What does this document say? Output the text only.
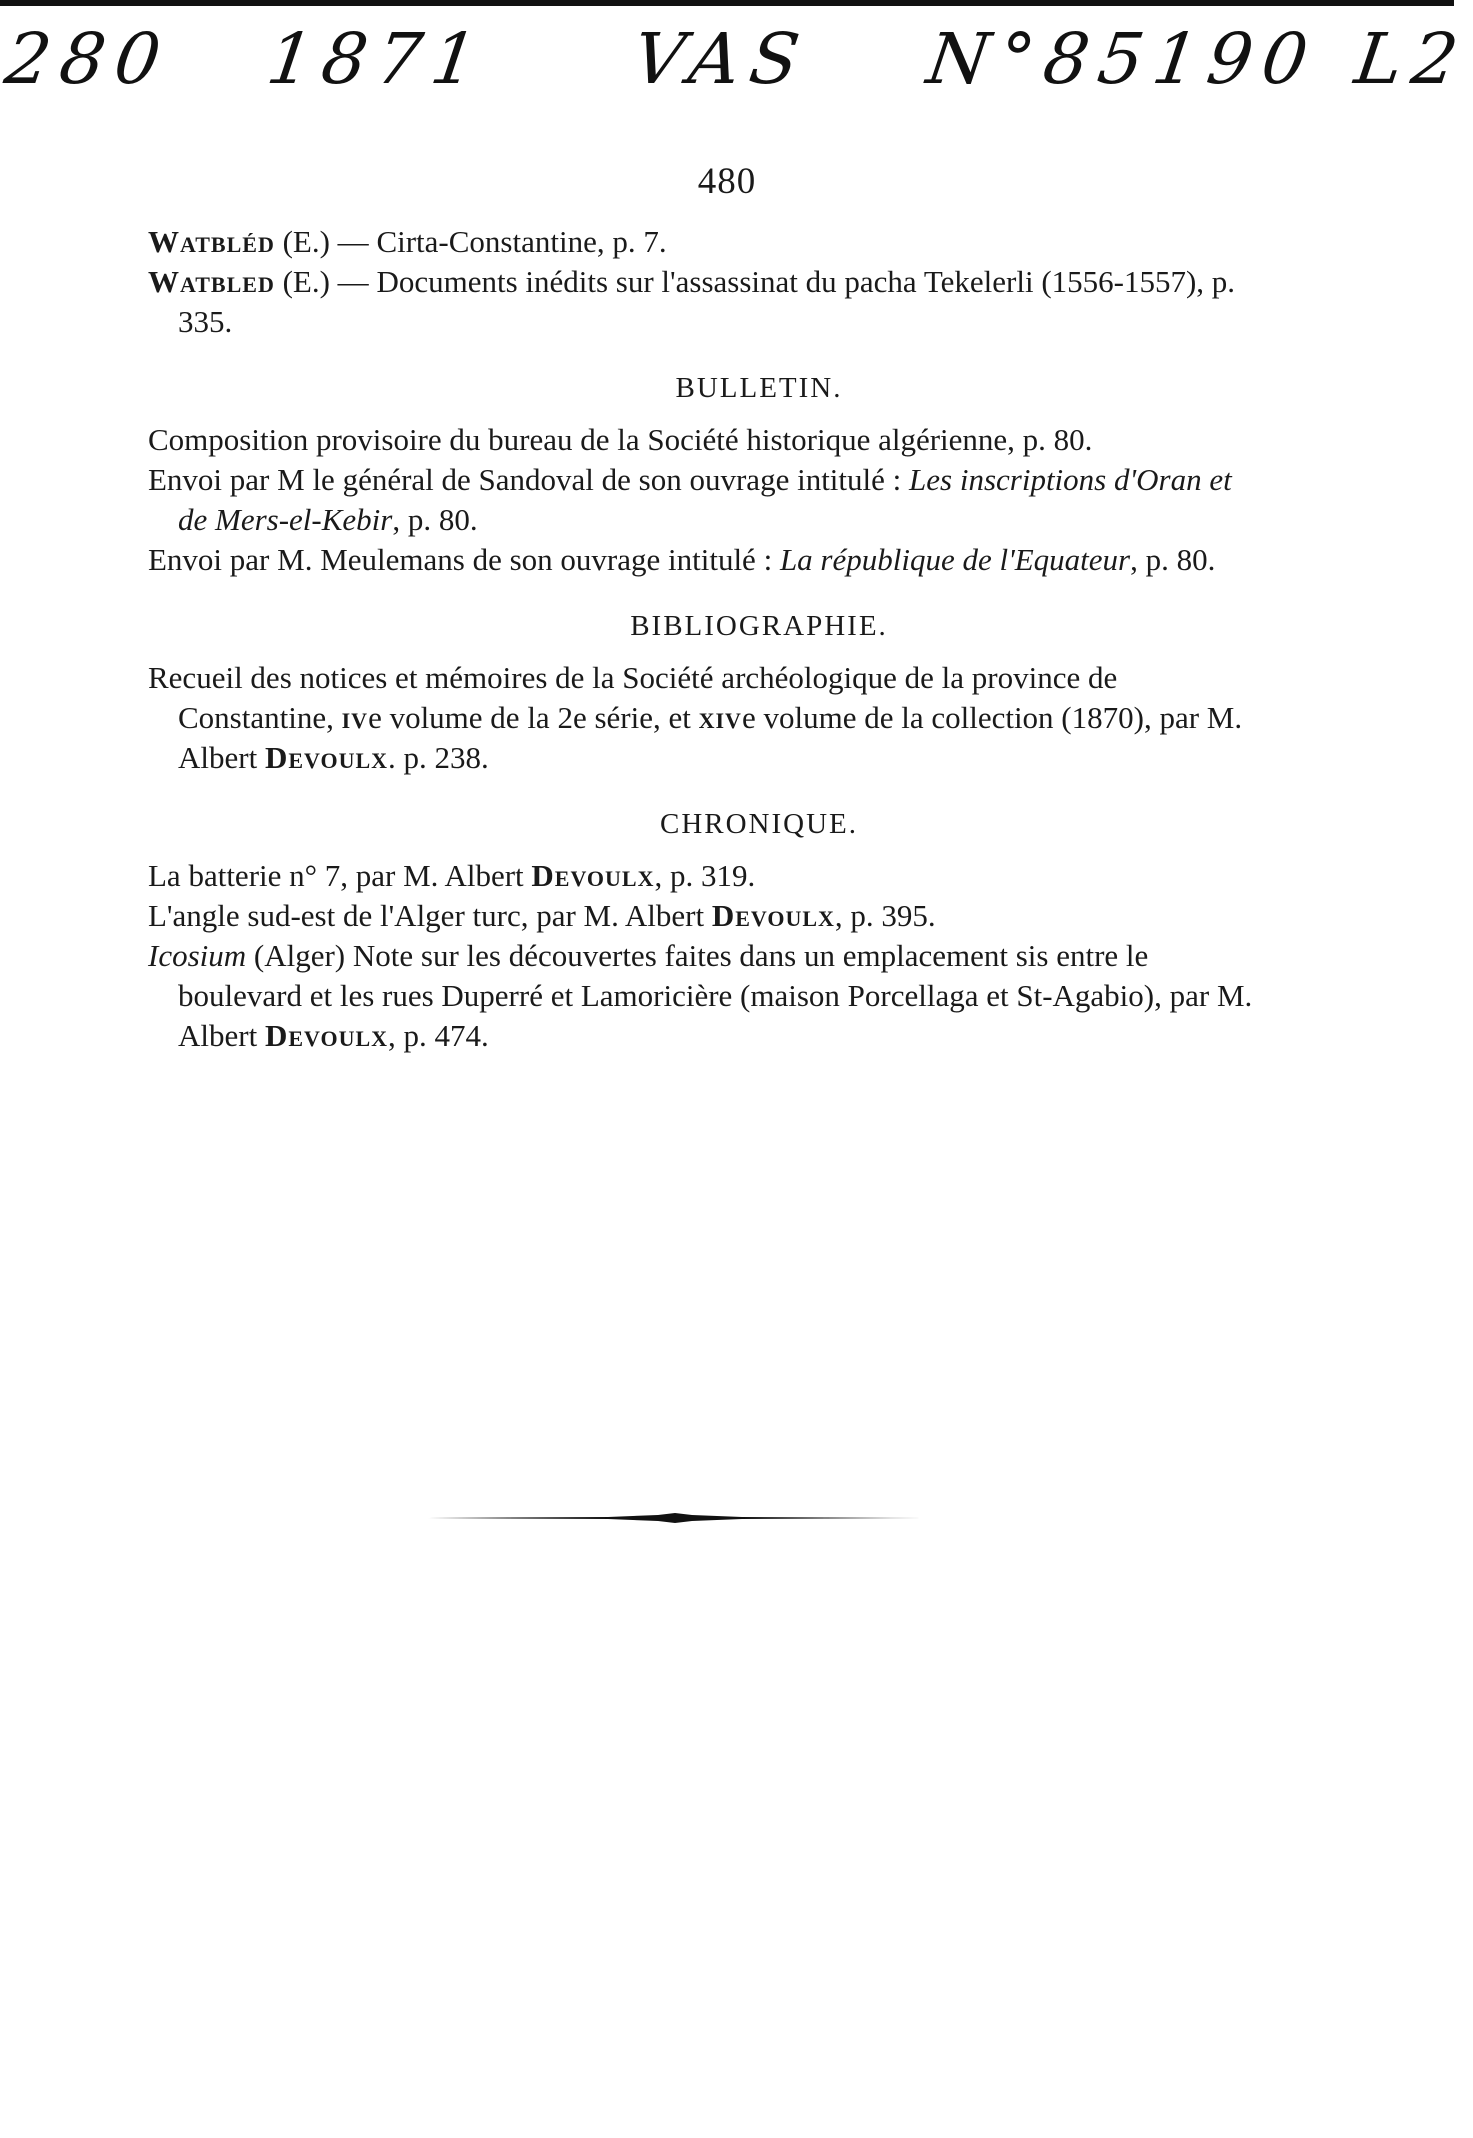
280 1871 VAS N°85190 L2
480

Watbléd (E.) — Cirta-Constantine, p. 7.

Watbled (E.) — Documents inédits sur l'assassinat du pacha Tekelerli (1556-1557), p. 335.

BULLETIN.

Composition provisoire du bureau de la Société historique algérienne, p. 80.

Envoi par M le général de Sandoval de son ouvrage intitulé : Les inscriptions d'Oran et de Mers-el-Kebir, p. 80.

Envoi par M. Meulemans de son ouvrage intitulé : La république de l'Equateur, p. 80.

BIBLIOGRAPHIE.

Recueil des notices et mémoires de la Société archéologique de la province de Constantine, ive volume de la 2e série, et xive volume de la collection (1870), par M. Albert Devoulx. p. 238.

CHRONIQUE.

La batterie n° 7, par M. Albert Devoulx, p. 319.

L'angle sud-est de l'Alger turc, par M. Albert Devoulx, p. 395.

Icosium (Alger) Note sur les découvertes faites dans un emplacement sis entre le boulevard et les rues Duperré et Lamoricière (maison Porcellaga et St-Agabio), par M. Albert Devoulx, p. 474.
